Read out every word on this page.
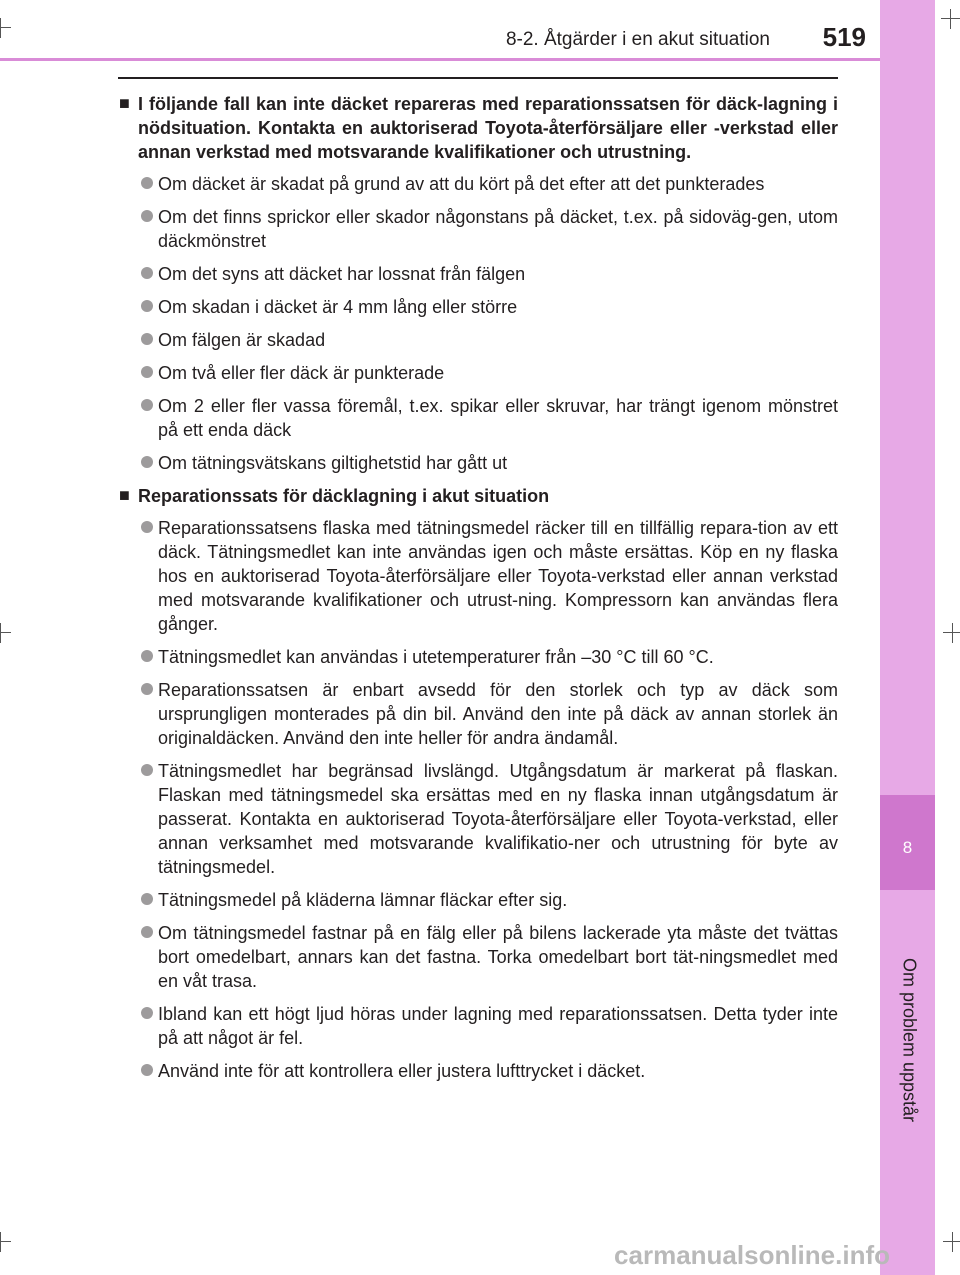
8
Om problem uppstår
8-2. Åtgärder i en akut situation	519
■ I följande fall kan inte däcket repareras med reparationssatsen för däck-lagning i nödsituation. Kontakta en auktoriserad Toyota-återförsäljare eller -verkstad eller annan verkstad med motsvarande kvalifikationer och utrustning.
Om däcket är skadat på grund av att du kört på det efter att det punkterades
Om det finns sprickor eller skador någonstans på däcket, t.ex. på sidoväg-gen, utom däckmönstret
Om det syns att däcket har lossnat från fälgen
Om skadan i däcket är 4 mm lång eller större
Om fälgen är skadad
Om två eller fler däck är punkterade
Om 2 eller fler vassa föremål, t.ex. spikar eller skruvar, har trängt igenom mönstret på ett enda däck
Om tätningsvätskans giltighetstid har gått ut
■ Reparationssats för däcklagning i akut situation
Reparationssatsens flaska med tätningsmedel räcker till en tillfällig repara-tion av ett däck. Tätningsmedlet kan inte användas igen och måste ersättas. Köp en ny flaska hos en auktoriserad Toyota-återförsäljare eller Toyota-verkstad eller annan verkstad med motsvarande kvalifikationer och utrust-ning. Kompressorn kan användas flera gånger.
Tätningsmedlet kan användas i utetemperaturer från –30 °C till 60 °C.
Reparationssatsen är enbart avsedd för den storlek och typ av däck som ursprungligen monterades på din bil. Använd den inte på däck av annan storlek än originaldäcken. Använd den inte heller för andra ändamål.
Tätningsmedlet har begränsad livslängd. Utgångsdatum är markerat på flaskan. Flaskan med tätningsmedel ska ersättas med en ny flaska innan utgångsdatum är passerat. Kontakta en auktoriserad Toyota-återförsäljare eller Toyota-verkstad, eller annan verksamhet med motsvarande kvalifikatio-ner och utrustning för byte av tätningsmedel.
Tätningsmedel på kläderna lämnar fläckar efter sig.
Om tätningsmedel fastnar på en fälg eller på bilens lackerade yta måste det tvättas bort omedelbart, annars kan det fastna. Torka omedelbart bort tät-ningsmedlet med en våt trasa.
Ibland kan ett högt ljud höras under lagning med reparationssatsen. Detta tyder inte på att något är fel.
Använd inte för att kontrollera eller justera lufttrycket i däcket.
carmanualsonline.info
